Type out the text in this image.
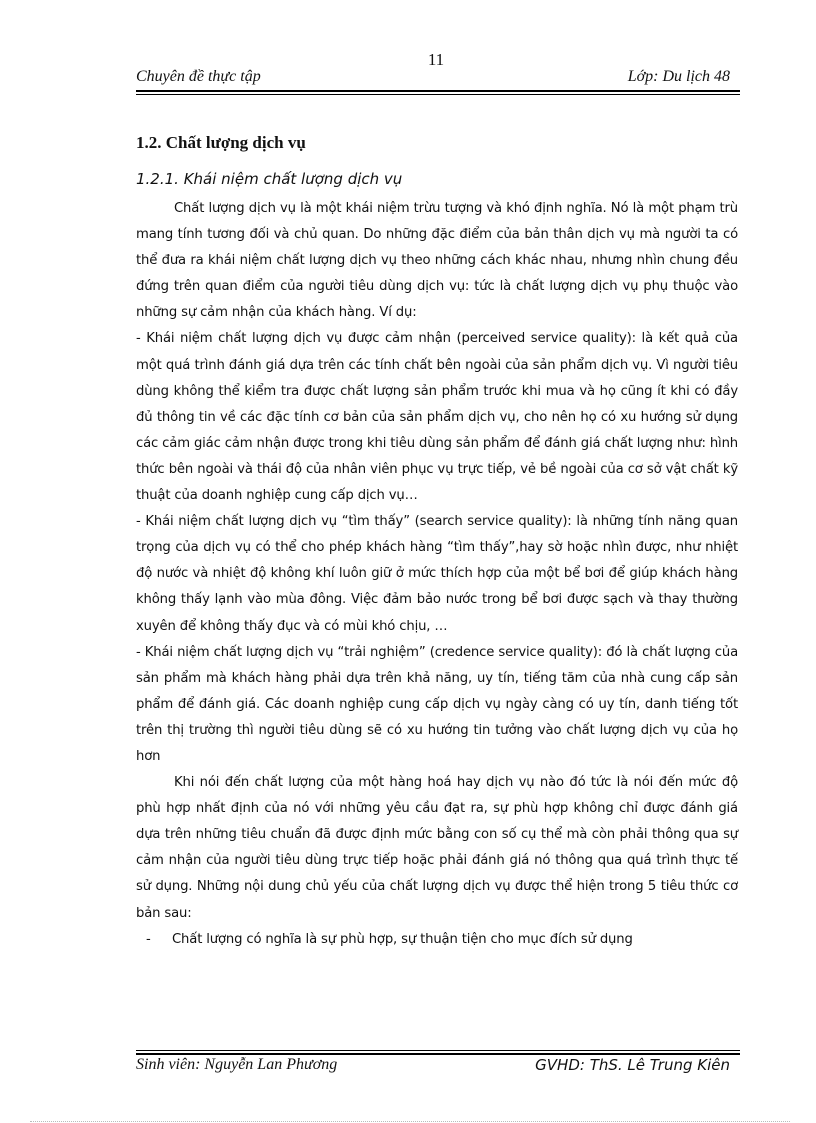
11
Chuyên đề thực tập	Lớp: Du lịch 48
1.2. Chất lượng dịch vụ
1.2.1. Khái niệm chất lượng dịch vụ

Chất lượng dịch vụ là một khái niệm trừu tượng và khó định nghĩa. Nó là một phạm trù mang tính tương đối và chủ quan. Do những đặc điểm của bản thân dịch vụ mà người ta có thể đưa ra khái niệm chất lượng dịch vụ theo những cách khác nhau, nhưng nhìn chung đều đứng trên quan điểm của người tiêu dùng dịch vụ: tức là chất lượng dịch vụ phụ thuộc vào những sự cảm nhận của khách hàng. Ví dụ:

- Khái niệm chất lượng dịch vụ được cảm nhận (perceived service quality): là kết quả của một quá trình đánh giá dựa trên các tính chất bên ngoài của sản phẩm dịch vụ. Vì người tiêu dùng không thể kiểm tra được chất lượng sản phẩm trước khi mua và họ cũng ít khi có đầy đủ thông tin về các đặc tính cơ bản của sản phẩm dịch vụ, cho nên họ có xu hướng sử dụng các cảm giác cảm nhận được trong khi tiêu dùng sản phẩm để đánh giá chất lượng như: hình thức bên ngoài và thái độ của nhân viên phục vụ trực tiếp, vẻ bề ngoài của cơ sở vật chất kỹ thuật của doanh nghiệp cung cấp dịch vụ…

- Khái niệm chất lượng dịch vụ “tìm thấy” (search service quality): là những tính năng quan trọng của dịch vụ có thể cho phép khách hàng “tìm thấy”,hay sờ hoặc nhìn được, như nhiệt độ nước và nhiệt độ không khí luôn giữ ở mức thích hợp của một bể bơi để giúp khách hàng không thấy lạnh vào mùa đông. Việc đảm bảo nước trong bể bơi được sạch và thay thường xuyên để không thấy đục và có mùi khó chịu, …

- Khái niệm chất lượng dịch vụ “trải nghiệm” (credence service quality): đó là chất lượng của sản phẩm mà khách hàng phải dựa trên khả năng, uy tín, tiếng tăm của nhà cung cấp sản phẩm để đánh giá. Các doanh nghiệp cung cấp dịch vụ ngày càng có uy tín, danh tiếng tốt trên thị trường thì người tiêu dùng sẽ có xu hướng tin tưởng vào chất lượng dịch vụ của họ hơn

Khi nói đến chất lượng của một hàng hoá hay dịch vụ nào đó tức là nói đến mức độ phù hợp nhất định của nó với những yêu cầu đạt ra, sự phù hợp không chỉ được đánh giá dựa trên những tiêu chuẩn đã được định mức bằng con số cụ thể mà còn phải thông qua sự cảm nhận của người tiêu dùng trực tiếp hoặc phải đánh giá nó thông qua quá trình thực tế sử dụng. Những nội dung chủ yếu của chất lượng dịch vụ được thể hiện trong 5 tiêu thức cơ bản sau:

- Chất lượng có nghĩa là sự phù hợp, sự thuận tiện cho mục đích sử dụng

Sinh viên: Nguyễn Lan Phương	GVHD: ThS. Lê Trung Kiên
